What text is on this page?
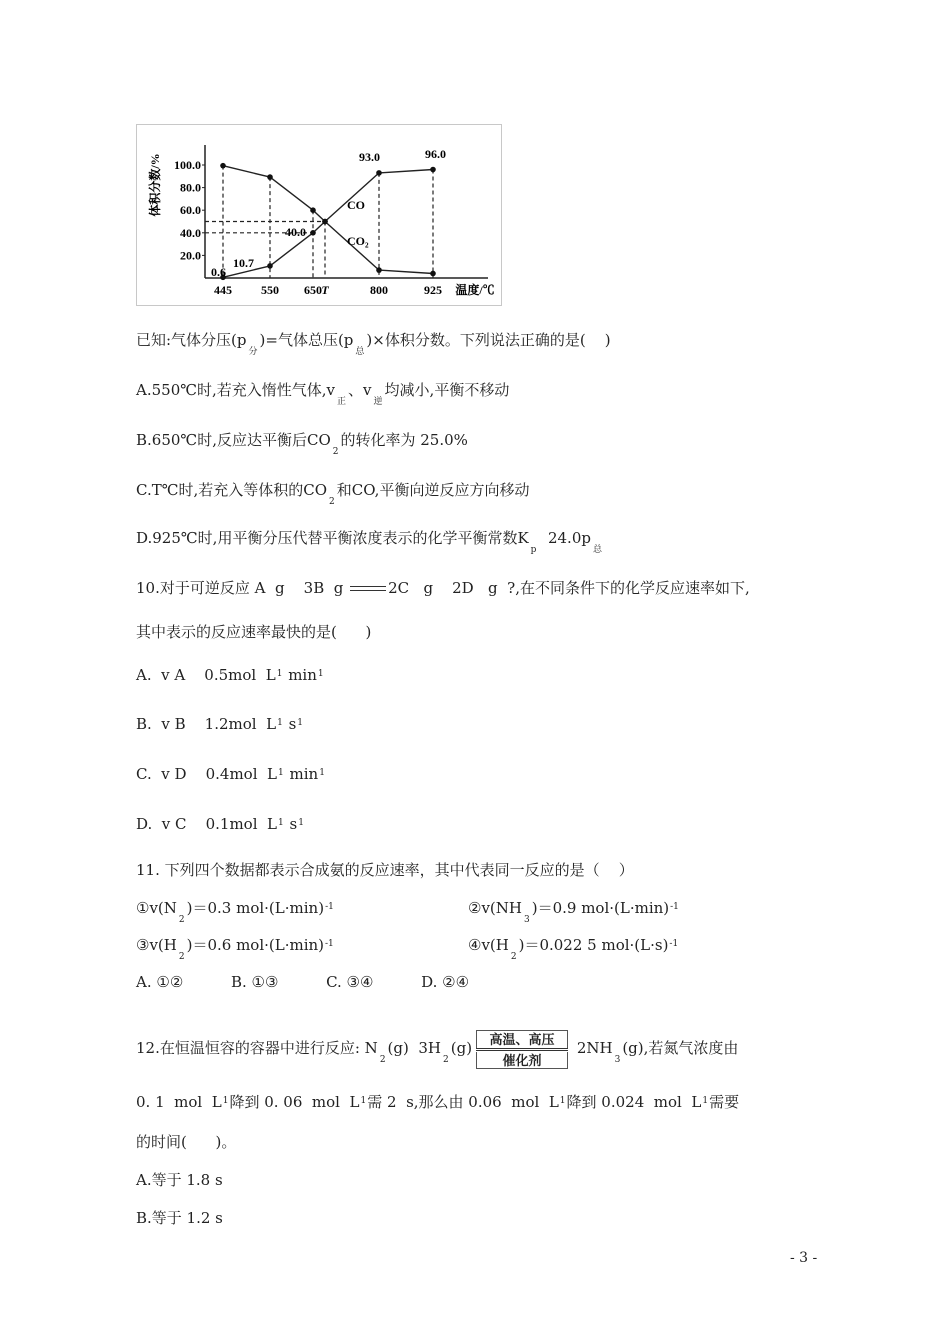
100.0
80.0
60.0
40.0
20.0
445 550 650 T	800	925
体积分数/%
温度/℃
CO
CO₂
0.6
10.7
40.0
93.0	96.0
已知:气体分压$(p_分)=$气体总压$(p_总)\times$体积分数。下列说法正确的是(    )
A.550℃时,若充入惰性气体$,v_正$、$v_逆$均减小,平衡不移动
B.650℃时,反应达平衡后$CO_2$的转化率为 25.0%
C.T℃时,若充入等体积的$CO_2$和CO,平衡向逆反应方向移动
D.925℃时,用平衡分压代替平衡浓度表示的化学平衡常数$K_p$  $24.0p_总$
10.对于可逆反应 A  g    3B  g	2C   g    2D   g  ?,在不同条件下的化学反应速率如下,
其中表示的反应速率最快的是(      )
A.  v A    0.5mol  $L^1$ $\min^1$
B.  v B    1.2mol  $L^1$ $s^1$
C.  v D    0.4mol  $L^1$ $\min^1$
D.  v C    0.1mol  $L^1$ $s^1$
11. 下列四个数据都表示合成氨的反应速率，其中代表同一反应的是（    ）
$①v(N_2)=0.3$ $mol\cdot(L\cdot\min)^{-1}$	$②v(NH_3)=0.9$ $mol\cdot(L\cdot\min)^{-1}$
$③v(H_2)=0.6$ $mol\cdot(L\cdot\min)^{-1}$	$④v(H_2)=0.022$ 5 $mol\cdot(L\cdot s)^{-1}$
A. ①②          B. ①③          C. ③④          D. ②④
12.在恒温恒容的容器中进行反应: $N_2(g)$  $3H_2(g)$	高温、高压
催化剂
$2NH_3(g)$,若氮气浓度由
0. 1  mol  $L^1$降到 0. 06  mol  $L^1$需 2  s,那么由 0.06  mol  $L^1$降到 0.024  mol  $L^1$需要
的时间(      )。
A.等于 1.8 s
B.等于 1.2 s
- 3 -
